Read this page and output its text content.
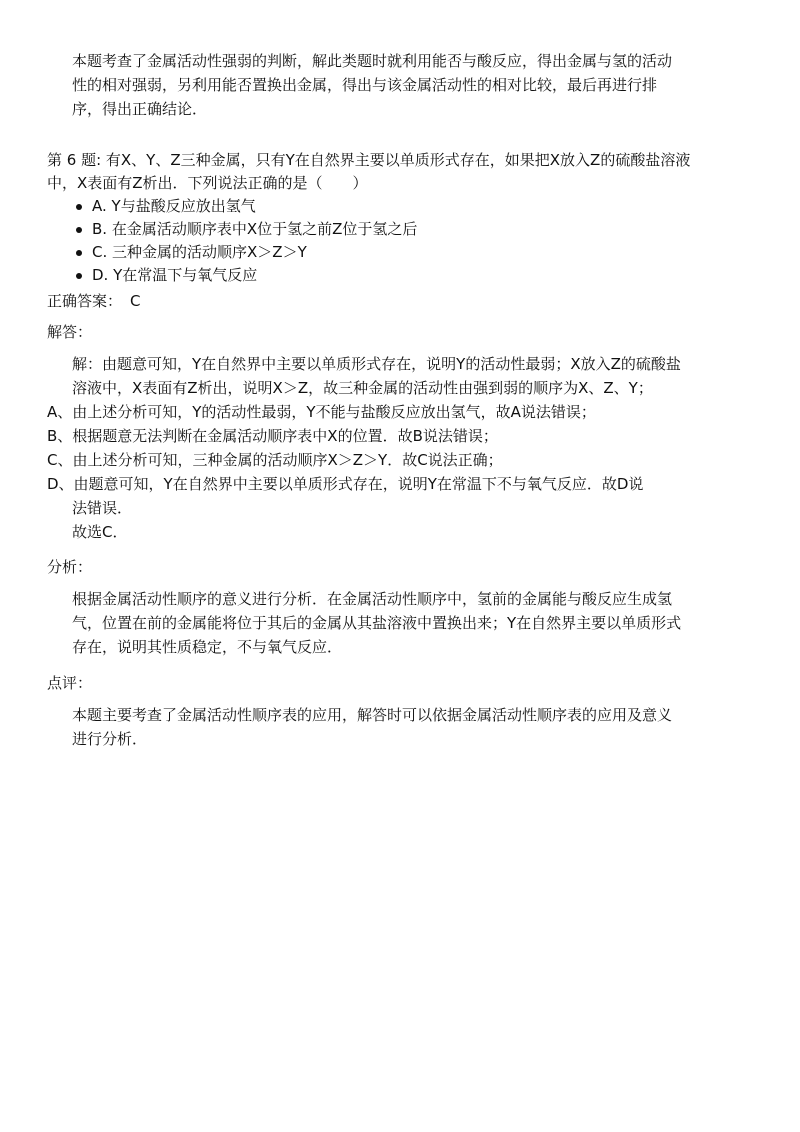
本题考查了金属活动性强弱的判断，解此类题时就利用能否与酸反应，得出金属与氢的活动
性的相对强弱，另利用能否置换出金属，得出与该金属活动性的相对比较，最后再进行排
序，得出正确结论．

第 6 题: 有X、Y、Z三种金属，只有Y在自然界主要以单质形式存在，如果把X放入Z的硫酸盐溶液
中，X表面有Z析出．下列说法正确的是（　　）

A. Y与盐酸反应放出氢气
B. 在金属活动顺序表中X位于氢之前Z位于氢之后
C. 三种金属的活动顺序X＞Z＞Y
D. Y在常温下与氧气反应
正确答案： C
解答：

解：由题意可知，Y在自然界中主要以单质形式存在，说明Y的活动性最弱；X放入Z的硫酸盐
溶液中，X表面有Z析出，说明X＞Z，故三种金属的活动性由强到弱的顺序为X、Z、Y；
A、由上述分析可知，Y的活动性最弱，Y不能与盐酸反应放出氢气，故A说法错误；
B、根据题意无法判断在金属活动顺序表中X的位置．故B说法错误；
C、由上述分析可知，三种金属的活动顺序X＞Z＞Y．故C说法正确；
D、由题意可知，Y在自然界中主要以单质形式存在，说明Y在常温下不与氧气反应．故D说
法错误．
故选C．

分析：

根据金属活动性顺序的意义进行分析．在金属活动性顺序中，氢前的金属能与酸反应生成氢
气，位置在前的金属能将位于其后的金属从其盐溶液中置换出来；Y在自然界主要以单质形式
存在，说明其性质稳定，不与氧气反应．

点评：

本题主要考查了金属活动性顺序表的应用，解答时可以依据金属活动性顺序表的应用及意义
进行分析．
